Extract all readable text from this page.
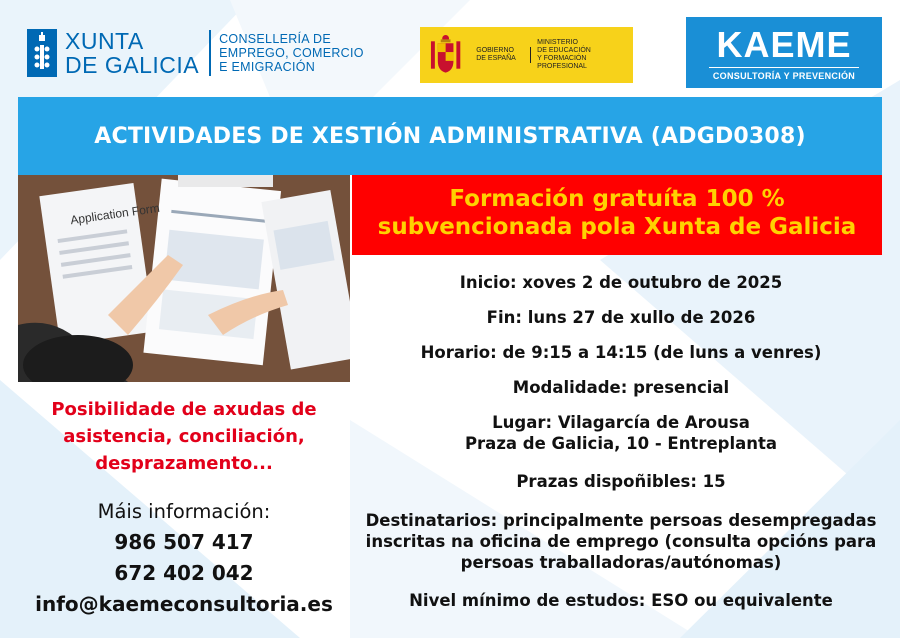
XUNTA
DE GALICIA
CONSELLERÍA DE
EMPREGO, COMERCIO
E EMIGRACIÓN
GOBIERNO
DE ESPAÑA
MINISTERIO
DE EDUCACIÓN
Y FORMACIÓN PROFESIONAL
KAEME
CONSULTORÍA Y PREVENCIÓN
ACTIVIDADES DE XESTIÓN ADMINISTRATIVA (ADGD0308)
Application Form
Formación gratuíta 100 %
subvencionada pola Xunta de Galicia
Inicio: xoves 2 de outubro de 2025
Fin: luns 27 de xullo de 2026
Horario: de 9:15 a 14:15 (de luns a venres)
Modalidade: presencial
Lugar: Vilagarcía de Arousa
Praza de Galicia, 10 - Entreplanta
Prazas dispoñibles: 15
Destinatarios: principalmente persoas desempregadas
inscritas na oficina de emprego (consulta opcións para
persoas traballadoras/autónomas)
Nivel mínimo de estudos: ESO ou equivalente
Posibilidade de axudas de
asistencia, conciliación,
desprazamento...
Máis información:
986 507 417
672 402 042
info@kaemeconsultoria.es
